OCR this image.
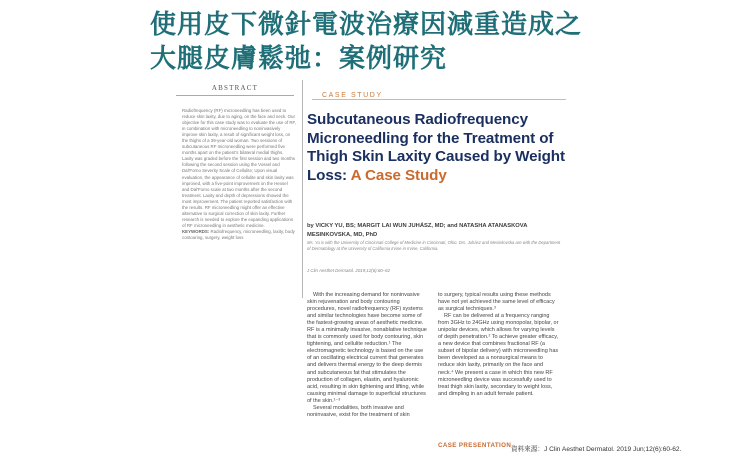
使用皮下微針電波治療因減重造成之
大腿皮膚鬆弛：案例研究
ABSTRACT
Radiofrequency (RF) microneedling has been used to reduce skin laxity, due to aging, on the face and neck. Our objective for this case study was to evaluate the use of RF, in combination with microneedling to noninvasively improve skin laxity, a result of significant weight loss, on the thighs of a 39-year-old woman. Two sessions of subcutaneous RF microneedling were performed five months apart on the patient's bilateral medial thighs. Laxity was graded before the first session and two months following the second session using the Vossel and Dal'Forno Severity Scale of Cellulite; Upon visual evaluation, the appearance of cellulite and skin laxity was improved, with a five-point improvement on the Hexsel and Dal'Forno scale at two months after the second treatment. Laxity and depth of depressions showed the most improvement. The patient reported satisfaction with the results. RF microneedling might offer an effective alternative to surgical correction of skin laxity. Further research is needed to explore the expanding applications of RF microneedling in aesthetic medicine.
KEYWORDS: Radiofrequency, microneedling, laxity, body contouring, surgery, weight loss
CASE STUDY
Subcutaneous Radiofrequency Microneedling for the Treatment of Thigh Skin Laxity Caused by Weight Loss: A Case Study
by VICKY YU, BS; MARGIT LAI WUN JUHÁSZ, MD; and NATASHA ATANASKOVA MESINKOVSKA, MD, PhD
Ms. Yu is with the University of Cincinnati College of Medicine in Cincinnati, Ohio. Drs. Juhász and Mesinkovska are with the Department of Dermatology at the University of California Irvine in Irvine, California.
J Clin Aesthet Dermatol. 2019;12(6):60–62

With the increasing demand for noninvasive skin rejuvenation and body contouring procedures, novel radiofrequency (RF) systems and similar technologies have become some of the fastest-growing areas of aesthetic medicine. RF is a minimally invasive, nonablative technique that is commonly used for body contouring, skin tightening, and cellulite reduction.¹ The electromagnetic technology is based on the use of an oscillating electrical current that generates and delivers thermal energy to the deep dermis and subcutaneous fat that stimulates the production of collagen, elastin, and hyaluronic acid, resulting in skin tightening and lifting, while causing minimal damage to superficial structures of the skin.¹⁻³

Several modalities, both invasive and noninvasive, exist for the treatment of skin

to surgery, typical results using these methods have not yet achieved the same level of efficacy as surgical techniques.³

RF can be delivered at a frequency ranging from 3GHz to 24GHz using monopolar, bipolar, or unipolar devices, which allows for varying levels of depth penetration.² To achieve greater efficacy, a new device that combines fractional RF (a subset of bipolar delivery) with microneedling has been developed as a nonsurgical means to reduce skin laxity, primarily on the face and neck.⁴ We present a case in which this new RF microneedling device was successfully used to treat thigh skin laxity, secondary to weight loss, and dimpling in an adult female patient.

CASE PRESENTATION
資料來源：J Clin Aesthet Dermatol. 2019 Jun;12(6):60-62.
